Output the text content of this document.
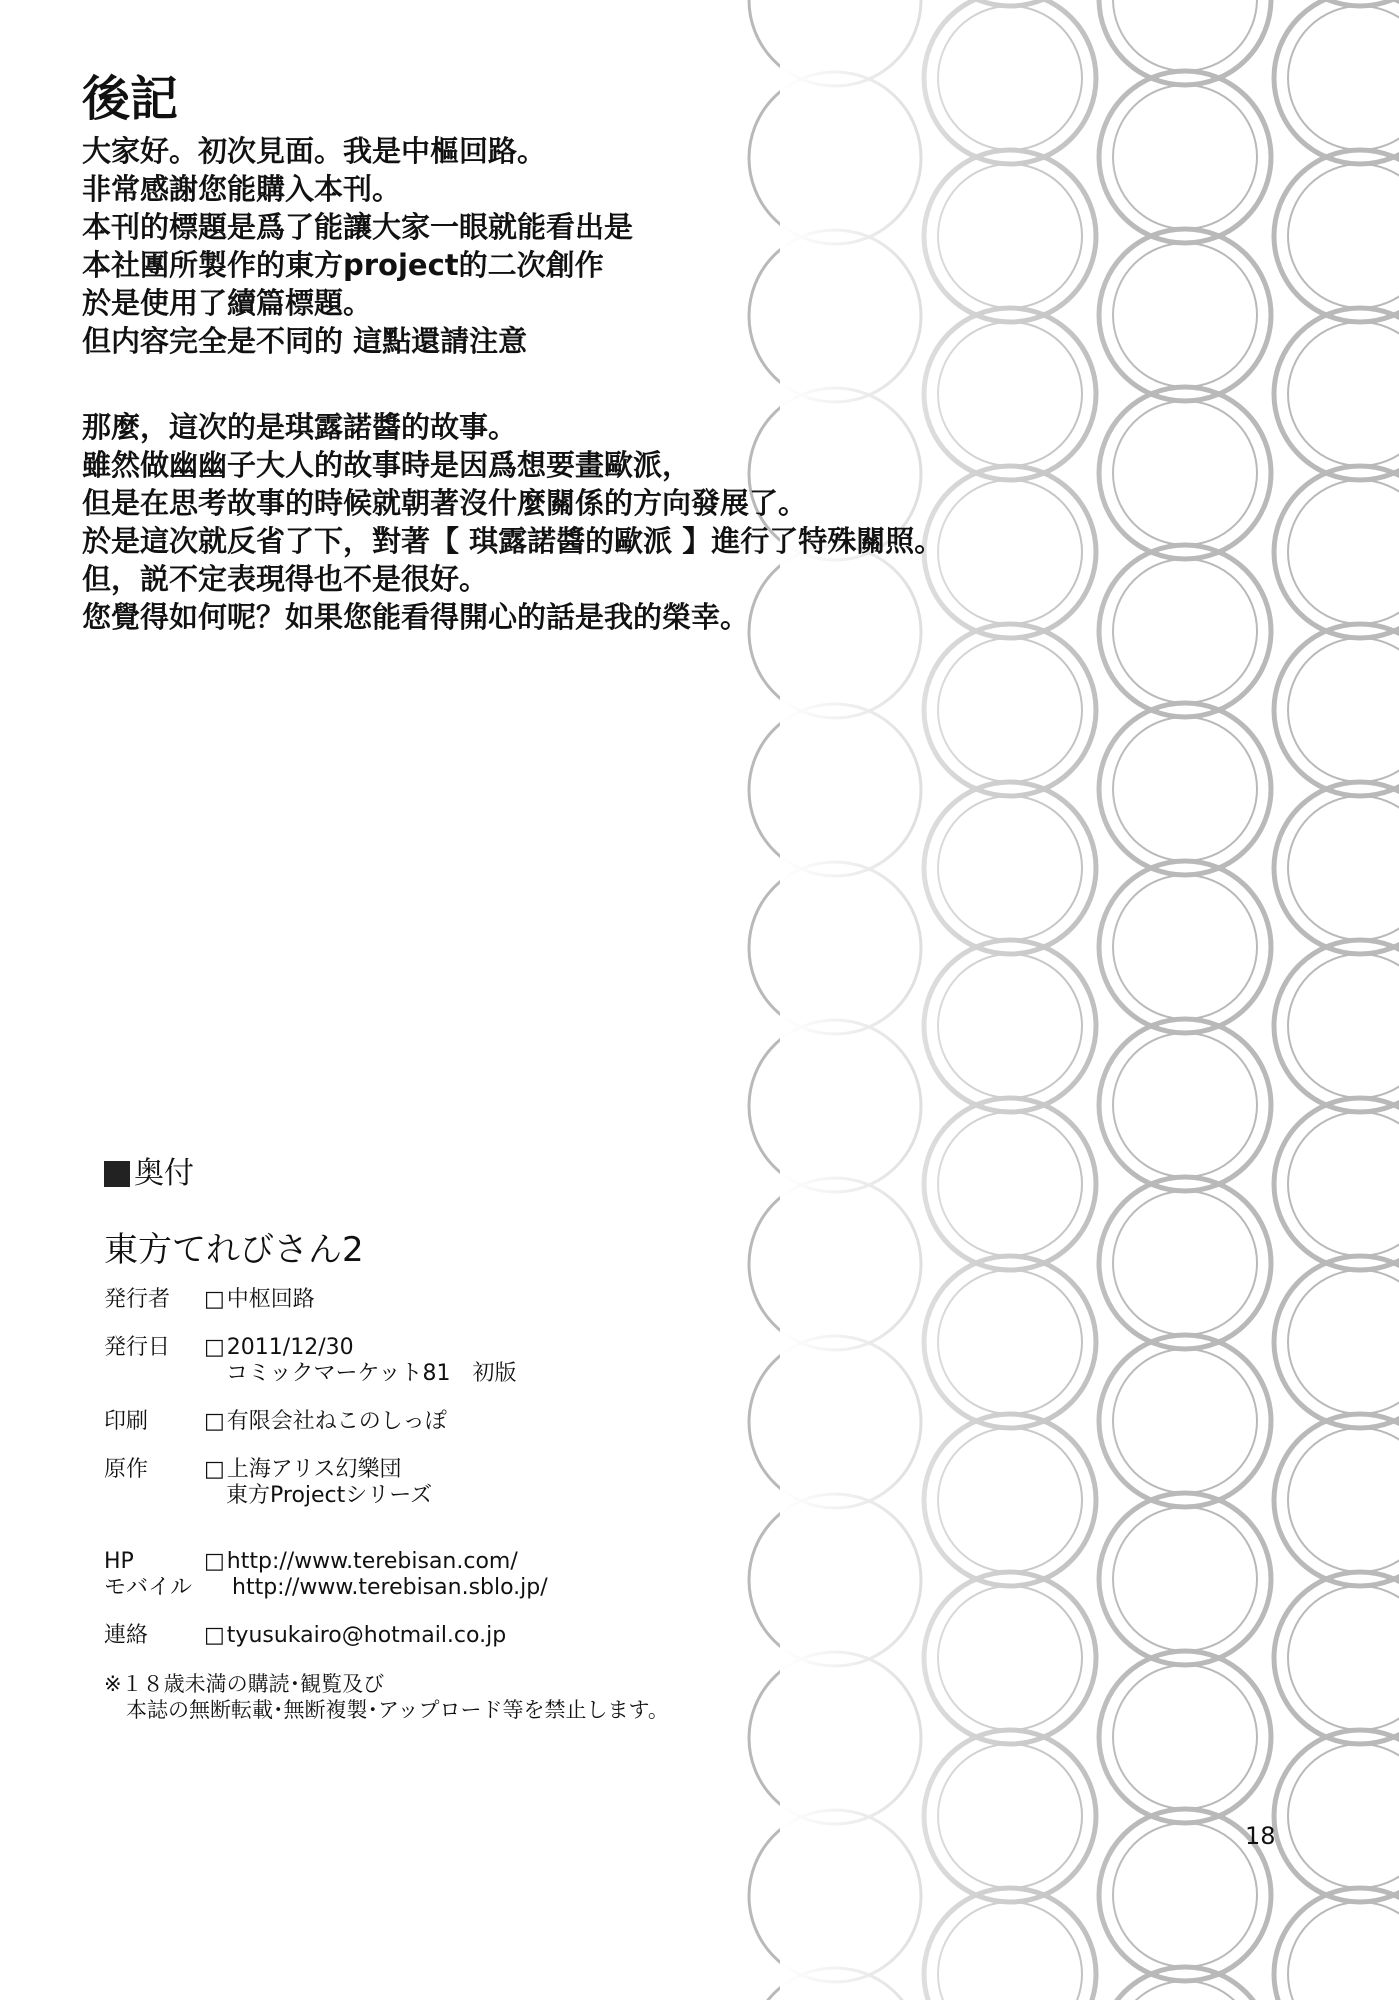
後記
大家好。初次見面。我是中樞回路。
非常感謝您能購入本刊。
本刊的標題是爲了能讓大家一眼就能看出是
本社團所製作的東方project的二次創作
於是使用了續篇標題。
但内容完全是不同的 這點還請注意
那麼，這次的是琪露諾醬的故事。
雖然做幽幽子大人的故事時是因爲想要畫歐派，
但是在思考故事的時候就朝著沒什麼關係的方向發展了。
於是這次就反省了下，對著【 琪露諾醬的歐派 】進行了特殊關照。
但，説不定表現得也不是很好。
您覺得如何呢？如果您能看得開心的話是我的榮幸。
奥付
東方てれびさん2
発行者	□中枢回路
発行日	□2011/12/30
コミックマーケット81　初版
印刷	□有限会社ねこのしっぽ
原作	□上海アリス幻樂団
東方Projectシリーズ
HP	□http://www.terebisan.com/
モバイル	http://www.terebisan.sblo.jp/
連絡	□tyusukairo@hotmail.co.jp
※１８歳未満の購読･観覧及び
本誌の無断転載･無断複製･アップロード等を禁止します。
18
